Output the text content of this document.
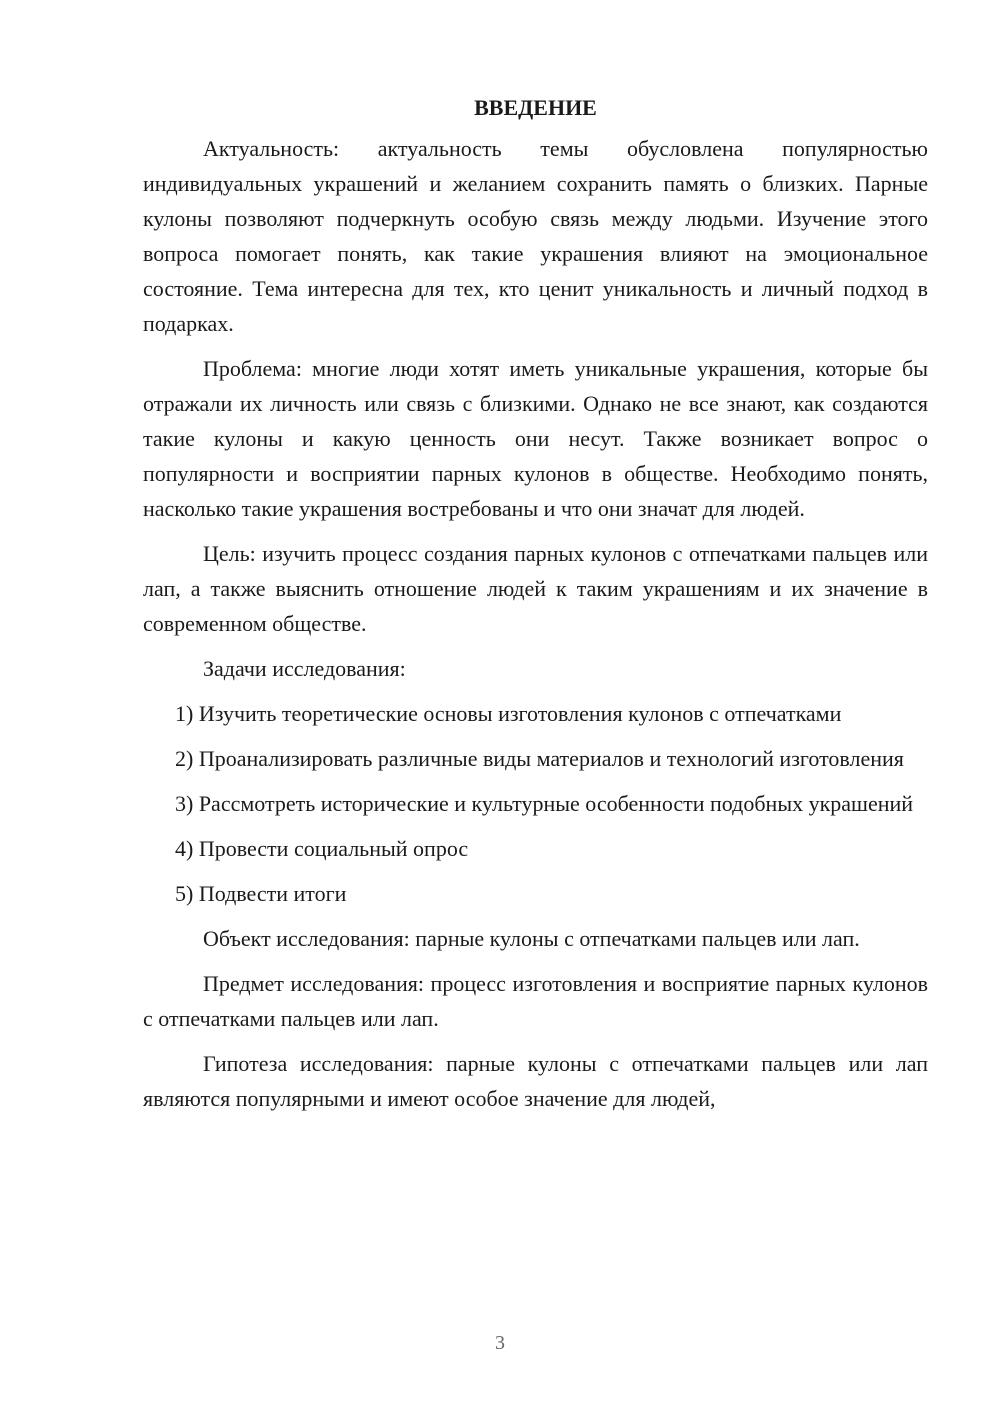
ВВЕДЕНИЕ

Актуальность: актуальность темы обусловлена популярностью индивидуальных украшений и желанием сохранить память о близких. Парные кулоны позволяют подчеркнуть особую связь между людьми. Изучение этого вопроса помогает понять, как такие украшения влияют на эмоциональное состояние. Тема интересна для тех, кто ценит уникальность и личный подход в подарках.

Проблема: многие люди хотят иметь уникальные украшения, которые бы отражали их личность или связь с близкими. Однако не все знают, как создаются такие кулоны и какую ценность они несут. Также возникает вопрос о популярности и восприятии парных кулонов в обществе. Необходимо понять, насколько такие украшения востребованы и что они значат для людей.

Цель: изучить процесс создания парных кулонов с отпечатками пальцев или лап, а также выяснить отношение людей к таким украшениям и их значение в современном обществе.

Задачи исследования:

1) Изучить теоретические основы изготовления кулонов с отпечатками

2) Проанализировать различные виды материалов и технологий изготовления

3) Рассмотреть исторические и культурные особенности подобных украшений

4) Провести социальный опрос

5) Подвести итоги

Объект исследования: парные кулоны с отпечатками пальцев или лап.

Предмет исследования: процесс изготовления и восприятие парных кулонов с отпечатками пальцев или лап.

Гипотеза исследования: парные кулоны с отпечатками пальцев или лап являются популярными и имеют особое значение для людей,

3
